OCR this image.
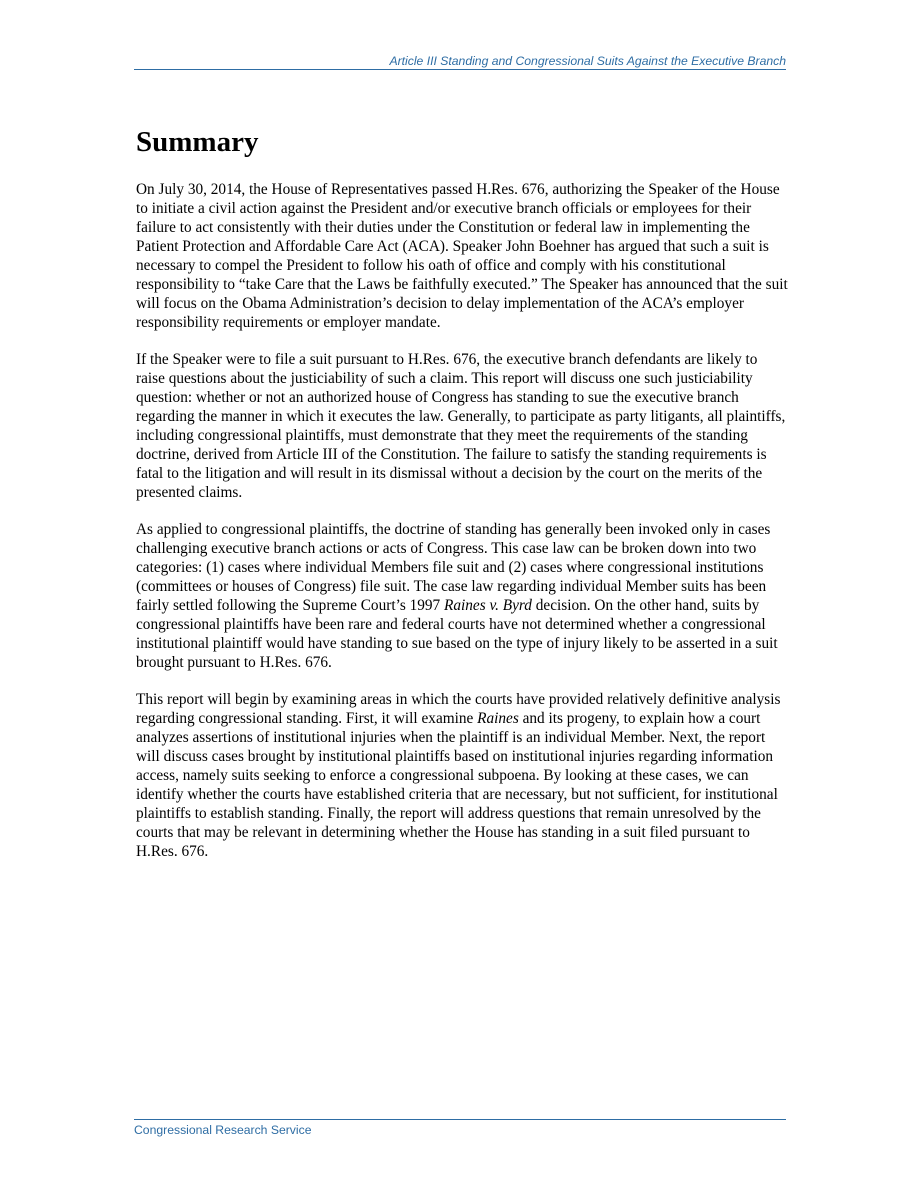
Article III Standing and Congressional Suits Against the Executive Branch
Summary

On July 30, 2014, the House of Representatives passed H.Res. 676, authorizing the Speaker of the House to initiate a civil action against the President and/or executive branch officials or employees for their failure to act consistently with their duties under the Constitution or federal law in implementing the Patient Protection and Affordable Care Act (ACA). Speaker John Boehner has argued that such a suit is necessary to compel the President to follow his oath of office and comply with his constitutional responsibility to “take Care that the Laws be faithfully executed.” The Speaker has announced that the suit will focus on the Obama Administration’s decision to delay implementation of the ACA’s employer responsibility requirements or employer mandate.

If the Speaker were to file a suit pursuant to H.Res. 676, the executive branch defendants are likely to raise questions about the justiciability of such a claim. This report will discuss one such justiciability question: whether or not an authorized house of Congress has standing to sue the executive branch regarding the manner in which it executes the law. Generally, to participate as party litigants, all plaintiffs, including congressional plaintiffs, must demonstrate that they meet the requirements of the standing doctrine, derived from Article III of the Constitution. The failure to satisfy the standing requirements is fatal to the litigation and will result in its dismissal without a decision by the court on the merits of the presented claims.

As applied to congressional plaintiffs, the doctrine of standing has generally been invoked only in cases challenging executive branch actions or acts of Congress. This case law can be broken down into two categories: (1) cases where individual Members file suit and (2) cases where congressional institutions (committees or houses of Congress) file suit. The case law regarding individual Member suits has been fairly settled following the Supreme Court’s 1997 Raines v. Byrd decision. On the other hand, suits by congressional plaintiffs have been rare and federal courts have not determined whether a congressional institutional plaintiff would have standing to sue based on the type of injury likely to be asserted in a suit brought pursuant to H.Res. 676.

This report will begin by examining areas in which the courts have provided relatively definitive analysis regarding congressional standing. First, it will examine Raines and its progeny, to explain how a court analyzes assertions of institutional injuries when the plaintiff is an individual Member. Next, the report will discuss cases brought by institutional plaintiffs based on institutional injuries regarding information access, namely suits seeking to enforce a congressional subpoena. By looking at these cases, we can identify whether the courts have established criteria that are necessary, but not sufficient, for institutional plaintiffs to establish standing. Finally, the report will address questions that remain unresolved by the courts that may be relevant in determining whether the House has standing in a suit filed pursuant to H.Res. 676.

Congressional Research Service
